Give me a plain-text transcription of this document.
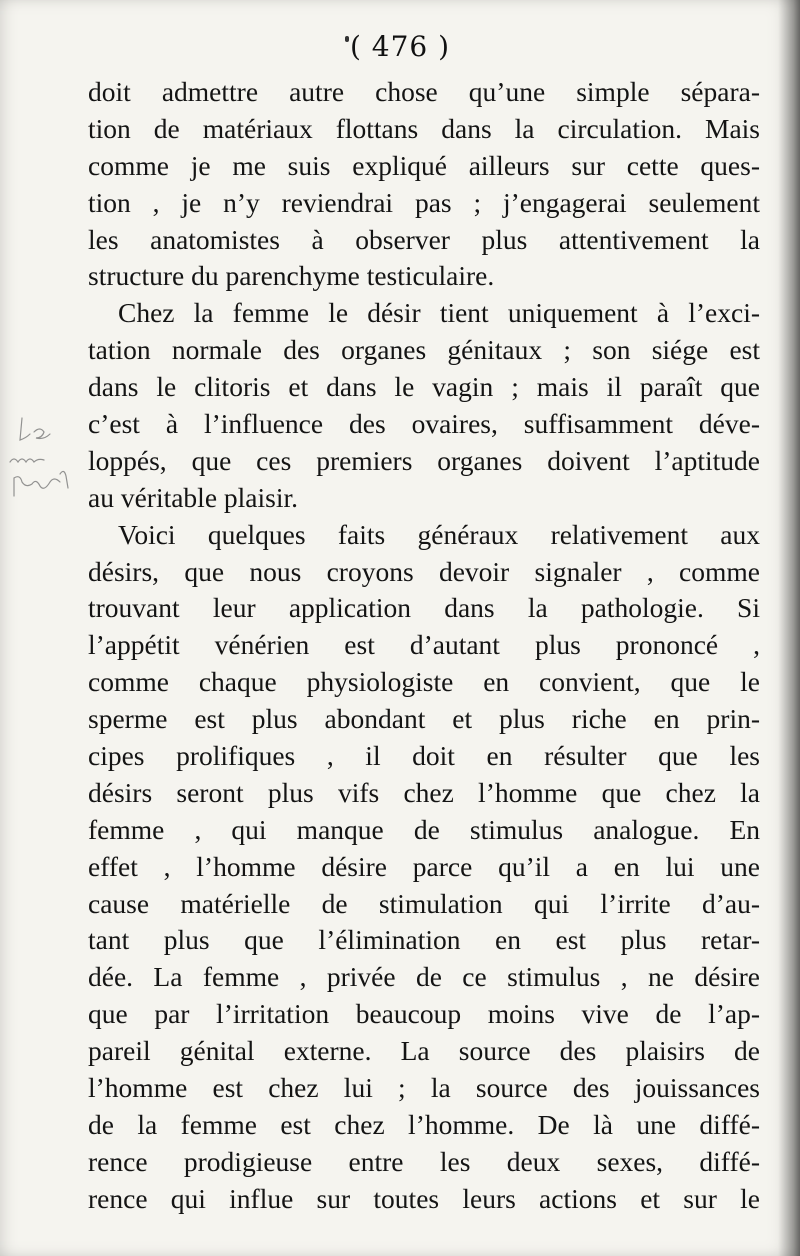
( 476 )
doit admettre autre chose qu’une simple sépara-
tion de matériaux flottans dans la circulation. Mais
comme je me suis expliqué ailleurs sur cette ques-
tion , je n’y reviendrai pas ; j’engagerai seulement
les anatomistes à observer plus attentivement la
structure du parenchyme testiculaire.
Chez la femme le désir tient uniquement à l’exci-
tation normale des organes génitaux ; son siége est
dans le clitoris et dans le vagin ; mais il paraît que
c’est à l’influence des ovaires, suffisamment déve-
loppés, que ces premiers organes doivent l’aptitude
au véritable plaisir.
Voici quelques faits généraux relativement aux
désirs, que nous croyons devoir signaler , comme
trouvant leur application dans la pathologie. Si
l’appétit vénérien est d’autant plus prononcé ,
comme chaque physiologiste en convient, que le
sperme est plus abondant et plus riche en prin-
cipes prolifiques , il doit en résulter que les
désirs seront plus vifs chez l’homme que chez la
femme , qui manque de stimulus analogue. En
effet , l’homme désire parce qu’il a en lui une
cause matérielle de stimulation qui l’irrite d’au-
tant plus que l’élimination en est plus retar-
dée. La femme , privée de ce stimulus , ne désire
que par l’irritation beaucoup moins vive de l’ap-
pareil génital externe. La source des plaisirs de
l’homme est chez lui ; la source des jouissances
de la femme est chez l’homme. De là une diffé-
rence prodigieuse entre les deux sexes, diffé-
rence qui influe sur toutes leurs actions et sur le
